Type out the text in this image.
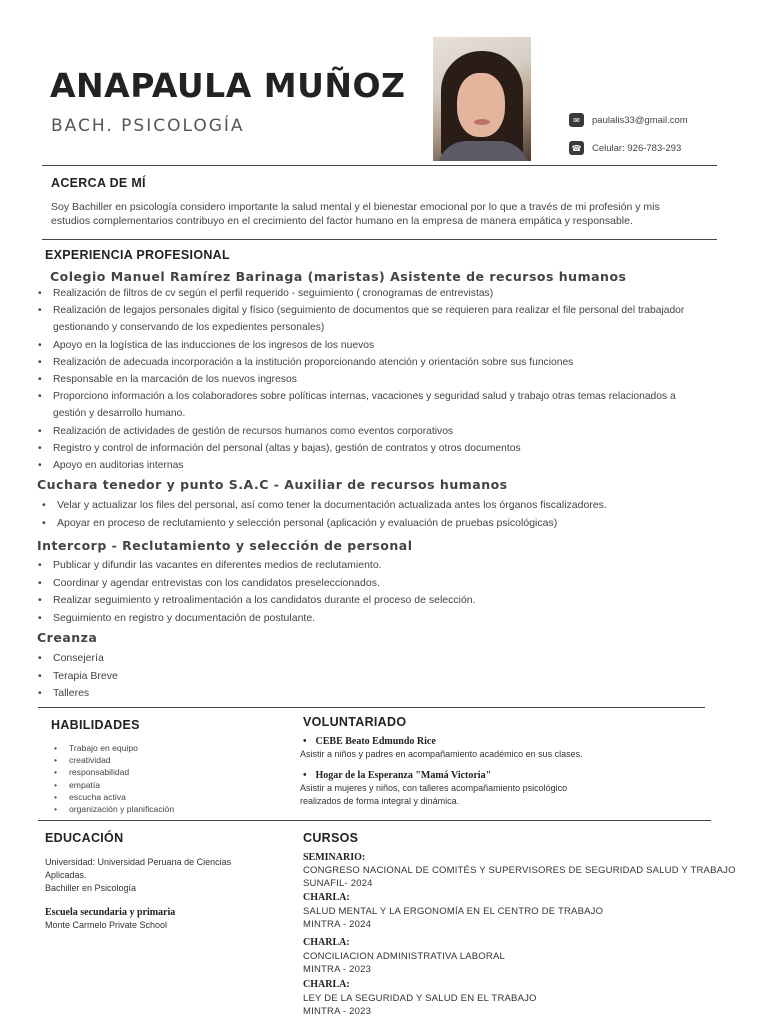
ANAPAULA MUÑOZ
BACH. PSICOLOGÍA	✉	paulalis33@gmail.com
☎ Celular: 926-783-293
ACERCA DE MÍ
Soy Bachiller en psicología considero importante la salud mental y el bienestar emocional por lo que a través de mi profesión y mis
estudios complementarios contribuyo en el crecimiento del factor humano en la empresa de manera empática y responsable.
EXPERIENCIA PROFESIONAL
Colegio Manuel Ramírez Barinaga (maristas) Asistente de recursos humanos
• Realización de filtros de cv según el perfil requerido - seguimiento ( cronogramas de entrevistas)
• Realización de legajos personales digital y físico (seguimiento de documentos que se requieren para realizar el file personal del trabajador gestionando y conservando de los expedientes personales)
• Apoyo en la logística de las inducciones de los ingresos de los nuevos
• Realización de adecuada incorporación a la institución proporcionando atención y orientación sobre sus funciones
• Responsable en la marcación de los nuevos ingresos
• Proporciono información a los colaboradores sobre políticas internas, vacaciones y seguridad salud y trabajo otras temas relacionados a gestión y desarrollo humano.
• Realización de actividades de gestión de recursos humanos como eventos corporativos
• Registro y control de información del personal (altas y bajas), gestión de contratos y otros documentos
• Apoyo en auditorias internas
Cuchara tenedor y punto S.A.C - Auxiliar de recursos humanos
• Velar y actualizar los files del personal, así como tener la documentación actualizada antes los órganos fiscalizadores.
• Apoyar en proceso de reclutamiento y selección personal (aplicación y evaluación de pruebas psicológicas)
Intercorp - Reclutamiento y selección de personal
• Publicar y difundir las vacantes en diferentes medios de reclutamiento.
• Coordinar y agendar entrevistas con los candidatos preseleccionados.
• Realizar seguimiento y retroalimentación a los candidatos durante el proceso de selección.
• Seguimiento en registro y documentación de postulante.
Creanza
• Consejería
• Terapia Breve
• Talleres
HABILIDADES
• Trabajo en equipo
• creatividad
• responsabilidad
• empatía
• escucha activa
• organización y planificación
VOLUNTARIADO
• CEBE Beato Edmundo Rice
Asistir a niños y padres en acompañamiento académico en sus clases.
• Hogar de la Esperanza "Mamá Victoria"
Asistir a mujeres y niños, con talleres acompañamiento psicológico
realizados de forma integral y dinámica.
EDUCACIÓN
Universidad: Universidad Peruana de Ciencias
Aplicadas.
Bachiller en Psicología
Escuela secundaria y primaria
Monte Carmelo Private School
CURSOS
SEMINARIO:
CONGRESO NACIONAL DE COMITÉS Y SUPERVISORES DE SEGURIDAD SALUD Y TRABAJO
SUNAFIL- 2024
CHARLA:
SALUD MENTAL Y LA ERGONOMÍA EN EL CENTRO DE TRABAJO
MINTRA - 2024
CHARLA:
CONCILIACION ADMINISTRATIVA LABORAL
MINTRA - 2023
CHARLA:
LEY DE LA SEGURIDAD Y SALUD EN EL TRABAJO
MINTRA - 2023
